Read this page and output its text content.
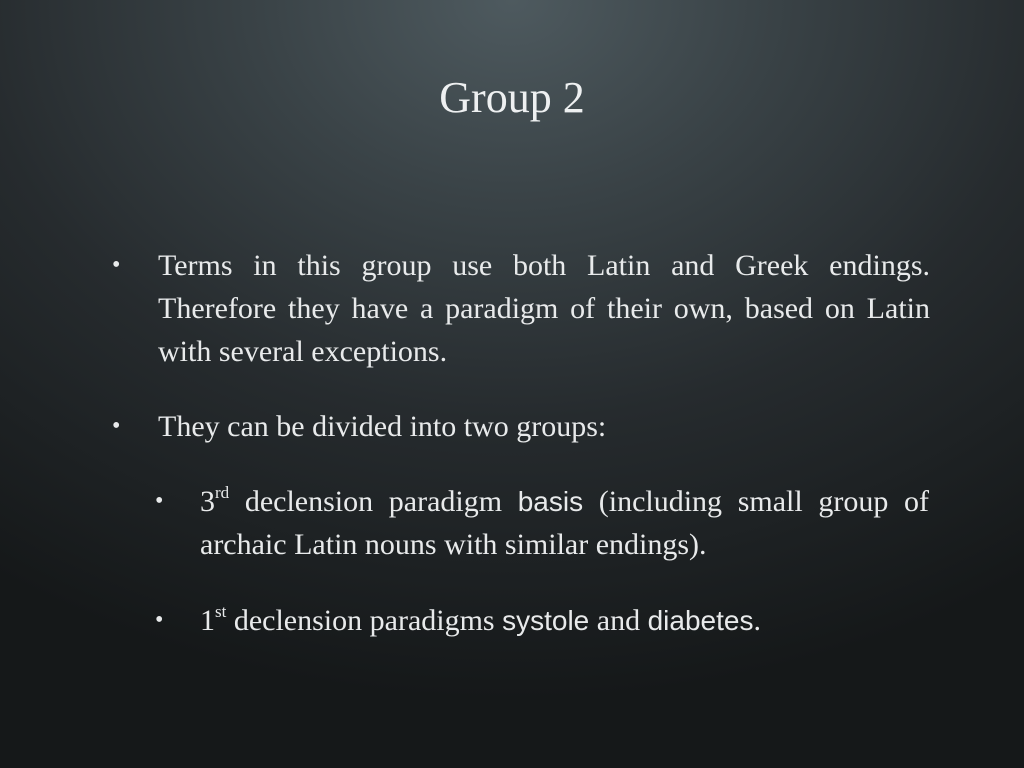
Group 2
• Terms in this group use both Latin and Greek endings. Therefore they have a paradigm of their own, based on Latin with several exceptions.
• They can be divided into two groups:
• 3rd declension paradigm basis (including small group of archaic Latin nouns with similar endings).
• 1st declension paradigms systole and diabetes.
